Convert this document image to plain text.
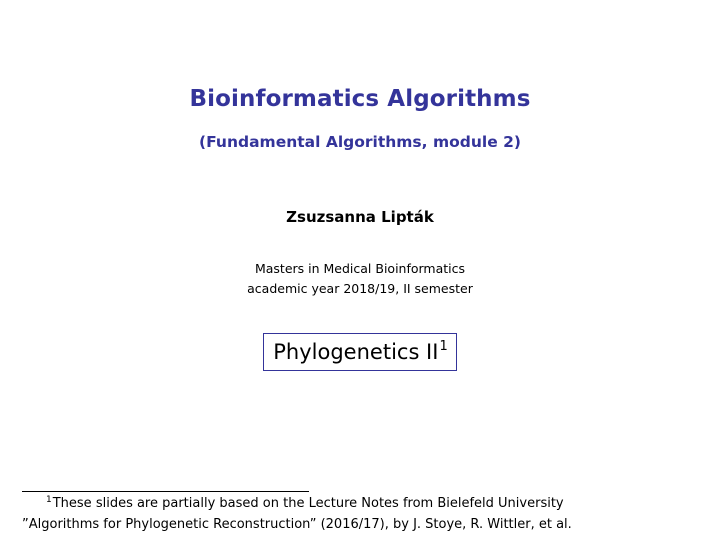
Bioinformatics Algorithms
(Fundamental Algorithms, module 2)
Zsuzsanna Lipták
Masters in Medical Bioinformatics
academic year 2018/19, II semester
Phylogenetics $II^1$
$^1$These slides are partially based on the Lecture Notes from Bielefeld University
”Algorithms for Phylogenetic Reconstruction” (2016/17), by J. Stoye, R. Wittler, et al.
